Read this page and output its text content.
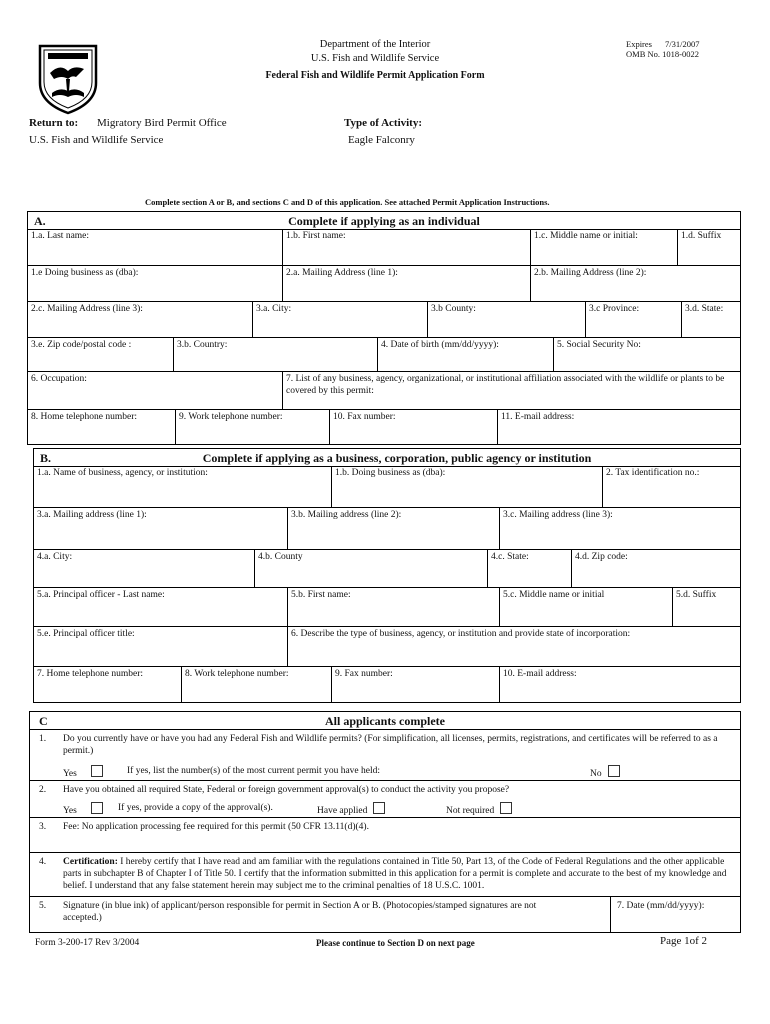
Department of the Interior
U.S. Fish and Wildlife Service
Federal Fish and Wildlife Permit Application Form
Expires 7/31/2007
OMB No. 1018-0022
Return to: Migratory Bird Permit Office
U.S. Fish and Wildlife Service
Type of Activity:
Eagle Falconry
Complete section A or B, and sections C and D of this application. See attached Permit Application Instructions.
A.	Complete if applying as an individual
1.a. Last name:	1.b. First name:	1.c. Middle name or initial:	1.d. Suffix
1.e Doing business as (dba):	2.a. Mailing Address (line 1):	2.b. Mailing Address (line 2):
2.c. Mailing Address (line 3):	3.a. City:	3.b County:	3.c Province:	3.d. State:
3.e. Zip code/postal code :	3.b. Country:	4. Date of birth (mm/dd/yyyy):	5. Social Security No:
6. Occupation:	7. List of any business, agency, organizational, or institutional affiliation associated with the wildlife or plants to be covered by this permit:
8. Home telephone number:	9. Work telephone number:	10. Fax number:	11. E-mail address:
B.	Complete if applying as a business, corporation, public agency or institution
1.a. Name of business, agency, or institution:	1.b. Doing business as (dba):	2. Tax identification no.:
3.a. Mailing address (line 1):	3.b. Mailing address (line 2):	3.c. Mailing address (line 3):
4.a. City:	4.b. County	4.c. State:	4.d. Zip code:
5.a. Principal officer - Last name:	5.b. First name:	5.c. Middle name or initial	5.d. Suffix
5.e. Principal officer title:	6. Describe the type of business, agency, or institution and provide state of incorporation:
7. Home telephone number:	8. Work telephone number:	9. Fax number:	10. E-mail address:
C	All applicants complete
1. Do you currently have or have you had any Federal Fish and Wildlife permits? (For simplification, all licenses, permits, registrations, and certificates will be referred to as a permit.)
Yes	If yes, list the number(s) of the most current permit you have held:	No
2. Have you obtained all required State, Federal or foreign government approval(s) to conduct the activity you propose?
Yes	If yes, provide a copy of the approval(s).	Have applied	Not required
3. Fee: No application processing fee required for this permit (50 CFR 13.11(d)(4).
4. Certification: I hereby certify that I have read and am familiar with the regulations contained in Title 50, Part 13, of the Code of Federal Regulations and the other applicable parts in subchapter B of Chapter I of Title 50. I certify that the information submitted in this application for a permit is complete and accurate to the best of my knowledge and belief. I understand that any false statement herein may subject me to the criminal penalties of 18 U.S.C. 1001.
5. Signature (in blue ink) of applicant/person responsible for permit in Section A or B. (Photocopies/stamped signatures are not accepted.)
7. Date (mm/dd/yyyy):
Form 3-200-17 Rev 3/2004	Please continue to Section D on next page	Page 1of 2
